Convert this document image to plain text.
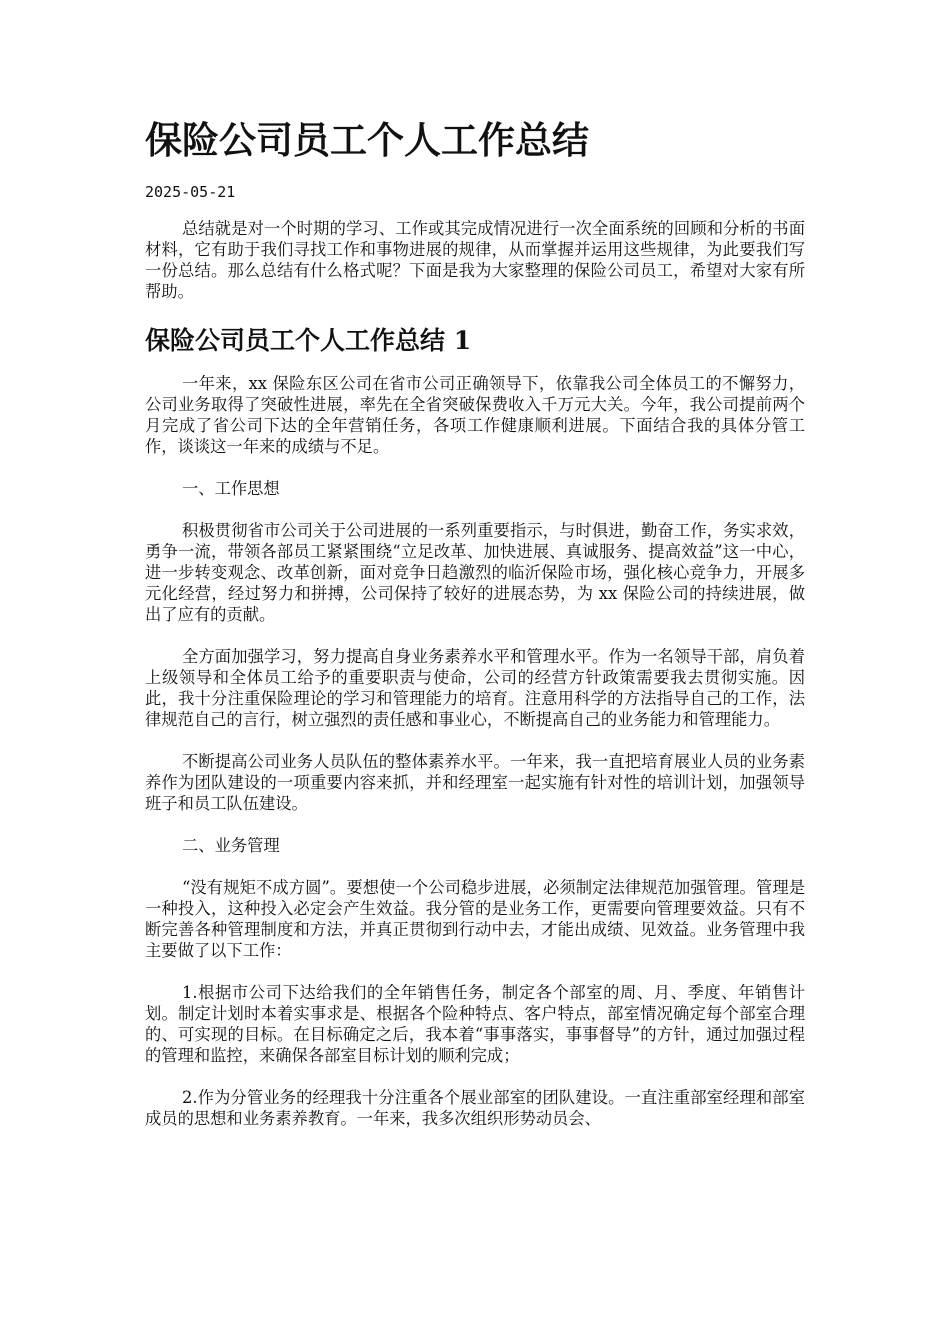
保险公司员工个人工作总结
2025-05-21

总结就是对一个时期的学习、工作或其完成情况进行一次全面系统的回顾和分析的书面材料，它有助于我们寻找工作和事物进展的规律，从而掌握并运用这些规律，为此要我们写一份总结。那么总结有什么格式呢？下面是我为大家整理的保险公司员工，希望对大家有所帮助。

保险公司员工个人工作总结 1

一年来，xx 保险东区公司在省市公司正确领导下，依靠我公司全体员工的不懈努力，公司业务取得了突破性进展，率先在全省突破保费收入千万元大关。今年，我公司提前两个月完成了省公司下达的全年营销任务，各项工作健康顺利进展。下面结合我的具体分管工作，谈谈这一年来的成绩与不足。

一、工作思想

积极贯彻省市公司关于公司进展的一系列重要指示，与时俱进，勤奋工作，务实求效，勇争一流，带领各部员工紧紧围绕“立足改革、加快进展、真诚服务、提高效益”这一中心，进一步转变观念、改革创新，面对竞争日趋激烈的临沂保险市场，强化核心竞争力，开展多元化经营，经过努力和拼搏，公司保持了较好的进展态势，为 xx 保险公司的持续进展，做出了应有的贡献。

全方面加强学习，努力提高自身业务素养水平和管理水平。作为一名领导干部，肩负着上级领导和全体员工给予的重要职责与使命，公司的经营方针政策需要我去贯彻实施。因此，我十分注重保险理论的学习和管理能力的培育。注意用科学的方法指导自己的工作，法律规范自己的言行，树立强烈的责任感和事业心，不断提高自己的业务能力和管理能力。

不断提高公司业务人员队伍的整体素养水平。一年来，我一直把培育展业人员的业务素养作为团队建设的一项重要内容来抓，并和经理室一起实施有针对性的培训计划，加强领导班子和员工队伍建设。

二、业务管理

“没有规矩不成方圆”。要想使一个公司稳步进展，必须制定法律规范加强管理。管理是一种投入，这种投入必定会产生效益。我分管的是业务工作，更需要向管理要效益。只有不断完善各种管理制度和方法，并真正贯彻到行动中去，才能出成绩、见效益。业务管理中我主要做了以下工作：

1.根据市公司下达给我们的全年销售任务，制定各个部室的周、月、季度、年销售计划。制定计划时本着实事求是、根据各个险种特点、客户特点，部室情况确定每个部室合理的、可实现的目标。在目标确定之后，我本着“事事落实，事事督导”的方针，通过加强过程的管理和监控，来确保各部室目标计划的顺利完成；

2.作为分管业务的经理我十分注重各个展业部室的团队建设。一直注重部室经理和部室成员的思想和业务素养教育。一年来，我多次组织形势动员会、
